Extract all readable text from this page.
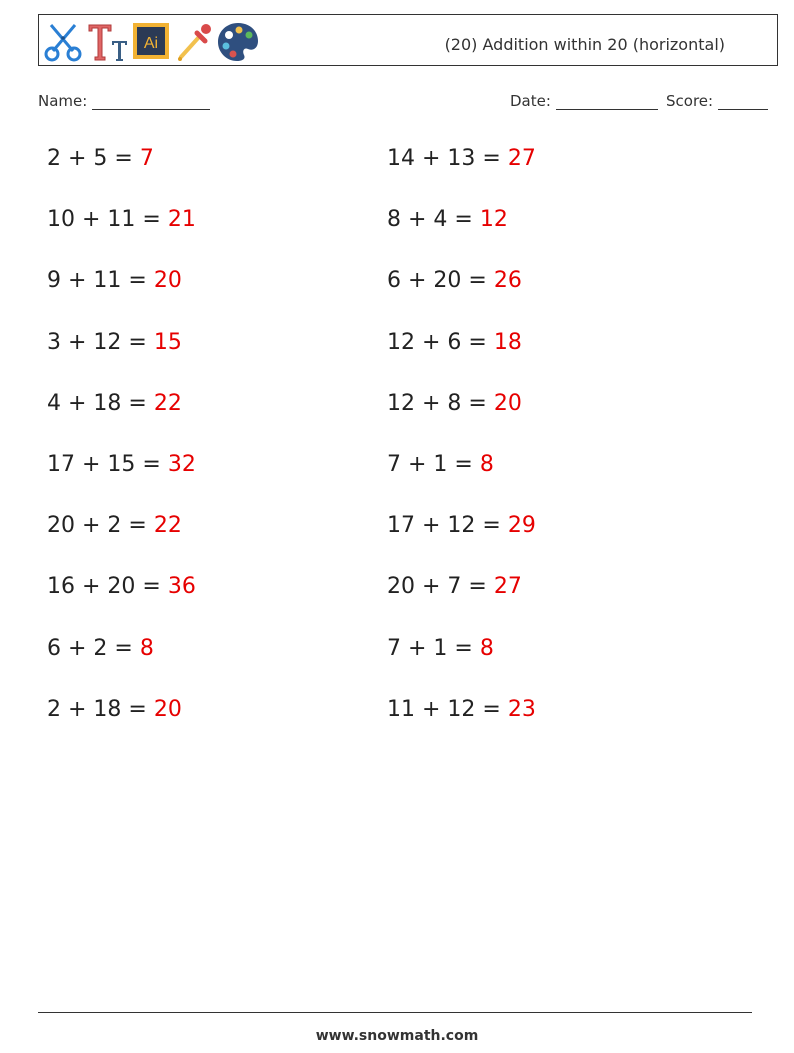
Ai	(20) Addition within 20 (horizontal)
Name:	Date:	Score:
2 + 5 = 7
10 + 11 = 21
9 + 11 = 20
3 + 12 = 15
4 + 18 = 22
17 + 15 = 32
20 + 2 = 22
16 + 20 = 36
6 + 2 = 8
2 + 18 = 20
14 + 13 = 27
8 + 4 = 12
6 + 20 = 26
12 + 6 = 18
12 + 8 = 20
7 + 1 = 8
17 + 12 = 29
20 + 7 = 27
7 + 1 = 8
11 + 12 = 23
www.snowmath.com
